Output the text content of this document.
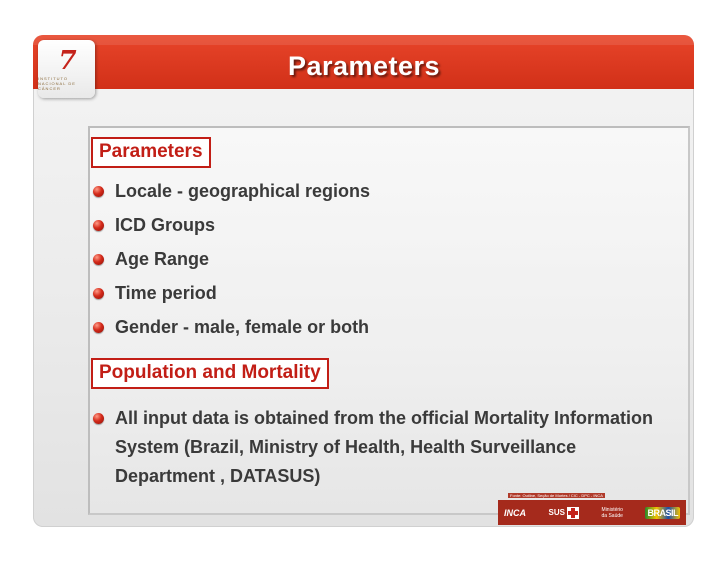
7
INSTITUTO NACIONAL DE CÂNCER
Parameters
Parameters
Locale - geographical regions
ICD Groups
Age Range
Time period
Gender - male, female or both
Population and Mortality
All input data is obtained from the official Mortality Information System (Brazil, Ministry of Health, Health Surveillance Department , DATASUS)
Fonte: Outline, Seção de Mortes / CIC - DPC - INCA
INCA	SUS	Ministério
da Saúde	BRASIL
